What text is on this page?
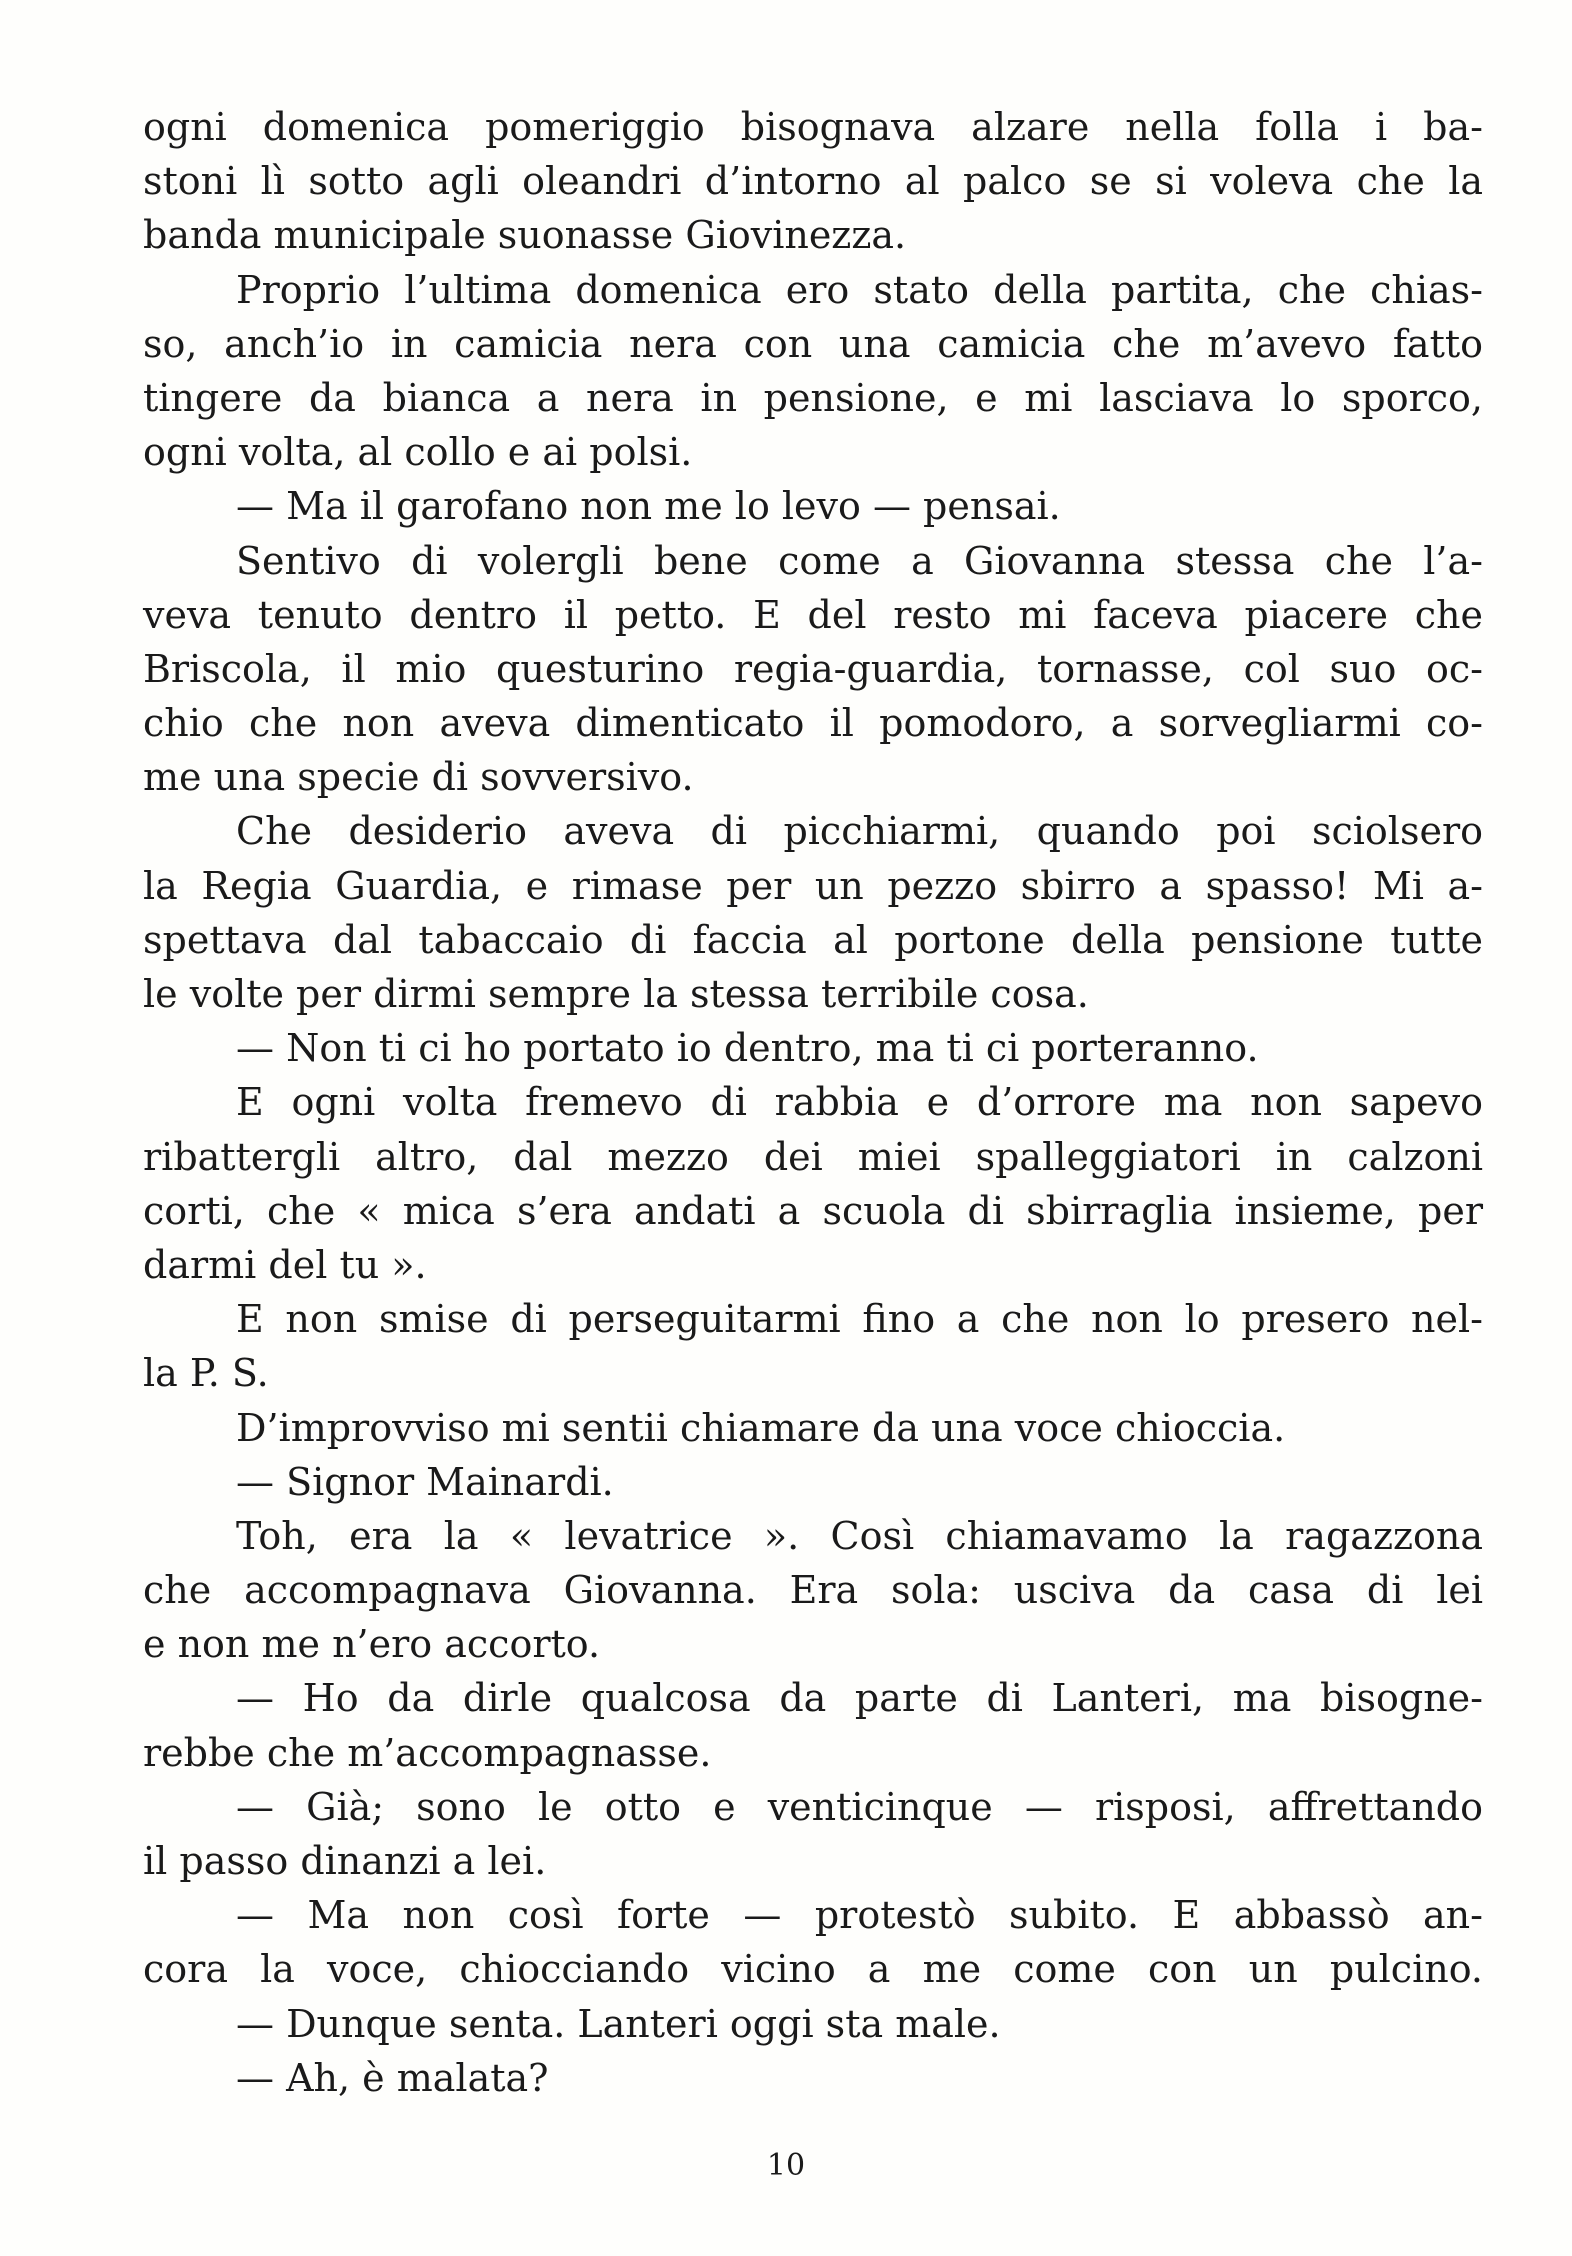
ogni domenica pomeriggio bisognava alzare nella folla i ba-
stoni lì sotto agli oleandri d’intorno al palco se si voleva che la
banda municipale suonasse Giovinezza.
Proprio l’ultima domenica ero stato della partita, che chias-
so, anch’io in camicia nera con una camicia che m’avevo fatto
tingere da bianca a nera in pensione, e mi lasciava lo sporco,
ogni volta, al collo e ai polsi.
— Ma il garofano non me lo levo — pensai.
Sentivo di volergli bene come a Giovanna stessa che l’a-
veva tenuto dentro il petto. E del resto mi faceva piacere che
Briscola, il mio questurino regia-guardia, tornasse, col suo oc-
chio che non aveva dimenticato il pomodoro, a sorvegliarmi co-
me una specie di sovversivo.
Che desiderio aveva di picchiarmi, quando poi sciolsero
la Regia Guardia, e rimase per un pezzo sbirro a spasso! Mi a-
spettava dal tabaccaio di faccia al portone della pensione tutte
le volte per dirmi sempre la stessa terribile cosa.
— Non ti ci ho portato io dentro, ma ti ci porteranno.
E ogni volta fremevo di rabbia e d’orrore ma non sapevo
ribattergli altro, dal mezzo dei miei spalleggiatori in calzoni
corti, che « mica s’era andati a scuola di sbirraglia insieme, per
darmi del tu ».
E non smise di perseguitarmi fino a che non lo presero nel-
la P. S.
D’improvviso mi sentii chiamare da una voce chioccia.
— Signor Mainardi.
Toh, era la « levatrice ». Così chiamavamo la ragazzona
che accompagnava Giovanna. Era sola: usciva da casa di lei
e non me n’ero accorto.
— Ho da dirle qualcosa da parte di Lanteri, ma bisogne-
rebbe che m’accompagnasse.
— Già; sono le otto e venticinque — risposi, affrettando
il passo dinanzi a lei.
— Ma non così forte — protestò subito. E abbassò an-
cora la voce, chiocciando vicino a me come con un pulcino.
— Dunque senta. Lanteri oggi sta male.
— Ah, è malata?
10
